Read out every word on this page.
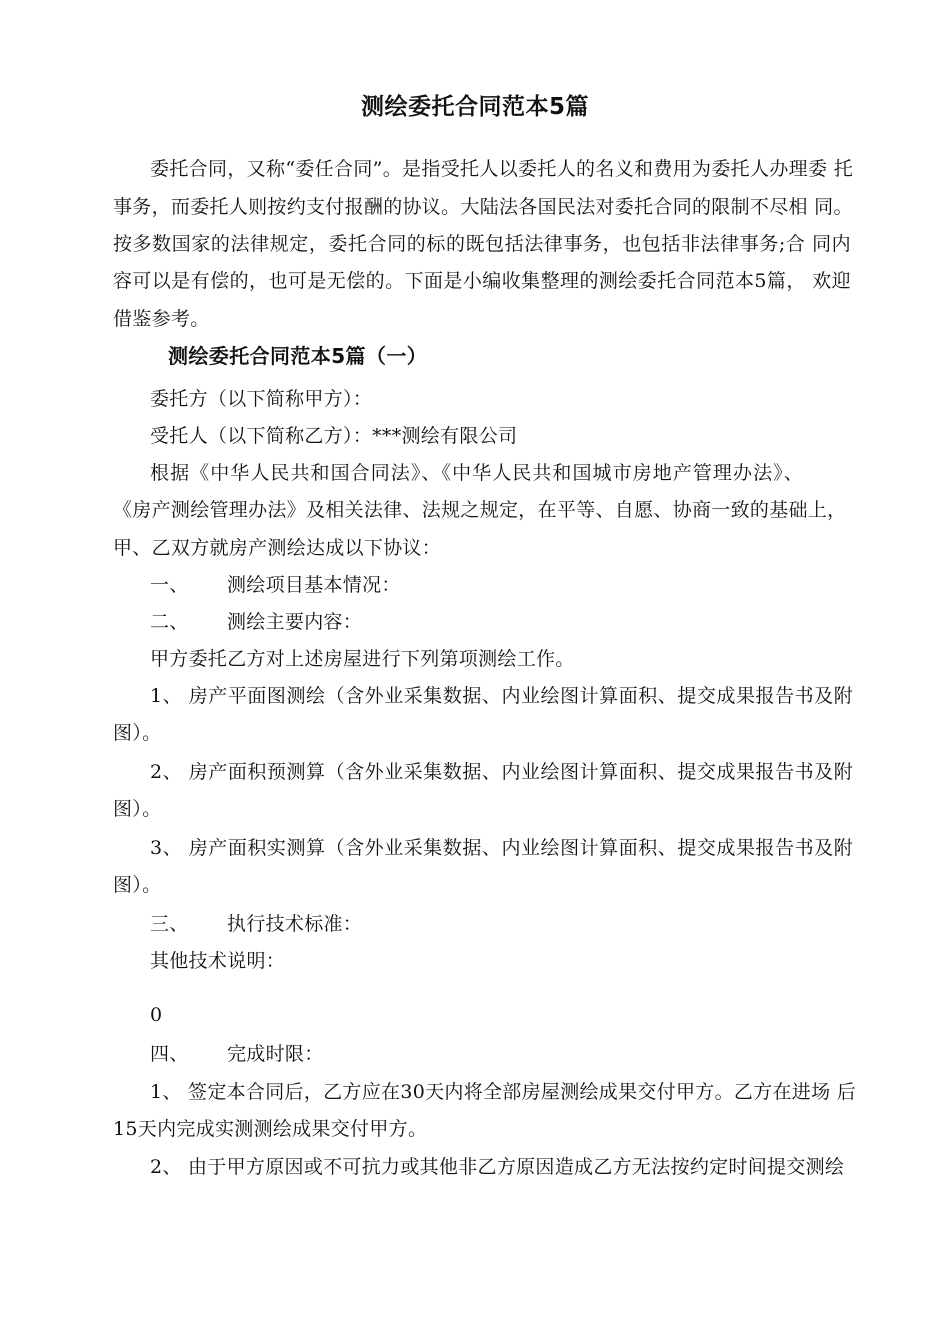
测绘委托合同范本5篇
委托合同，又称“委任合同”。是指受托人以委托人的名义和费用为委托人办理委 托
事务，而委托人则按约支付报酬的协议。大陆法各国民法对委托合同的限制不尽相 同。
按多数国家的法律规定，委托合同的标的既包括法律事务，也包括非法律事务;合 同内
容可以是有偿的，也可是无偿的。下面是小编收集整理的测绘委托合同范本5篇， 欢迎
借鉴参考。
测绘委托合同范本5篇（一）
委托方（以下简称甲方）：
受托人（以下简称乙方）：***测绘有限公司
根据《中华人民共和国合同法》、《中华人民共和国城市房地产管理办法》、
《房产测绘管理办法》及相关法律、法规之规定，在平等、自愿、协商一致的基础上，
甲、乙双方就房产测绘达成以下协议：
一、 测绘项目基本情况：
二、 测绘主要内容：
甲方委托乙方对上述房屋进行下列第项测绘工作。
1、 房产平面图测绘（含外业采集数据、内业绘图计算面积、提交成果报告书及附
图）。
2、 房产面积预测算（含外业采集数据、内业绘图计算面积、提交成果报告书及附
图）。
3、 房产面积实测算（含外业采集数据、内业绘图计算面积、提交成果报告书及附
图）。
三、 执行技术标准：
其他技术说明：
0
四、 完成时限：
1、 签定本合同后，乙方应在30天内将全部房屋测绘成果交付甲方。乙方在进场 后
15天内完成实测测绘成果交付甲方。
2、 由于甲方原因或不可抗力或其他非乙方原因造成乙方无法按约定时间提交测绘
